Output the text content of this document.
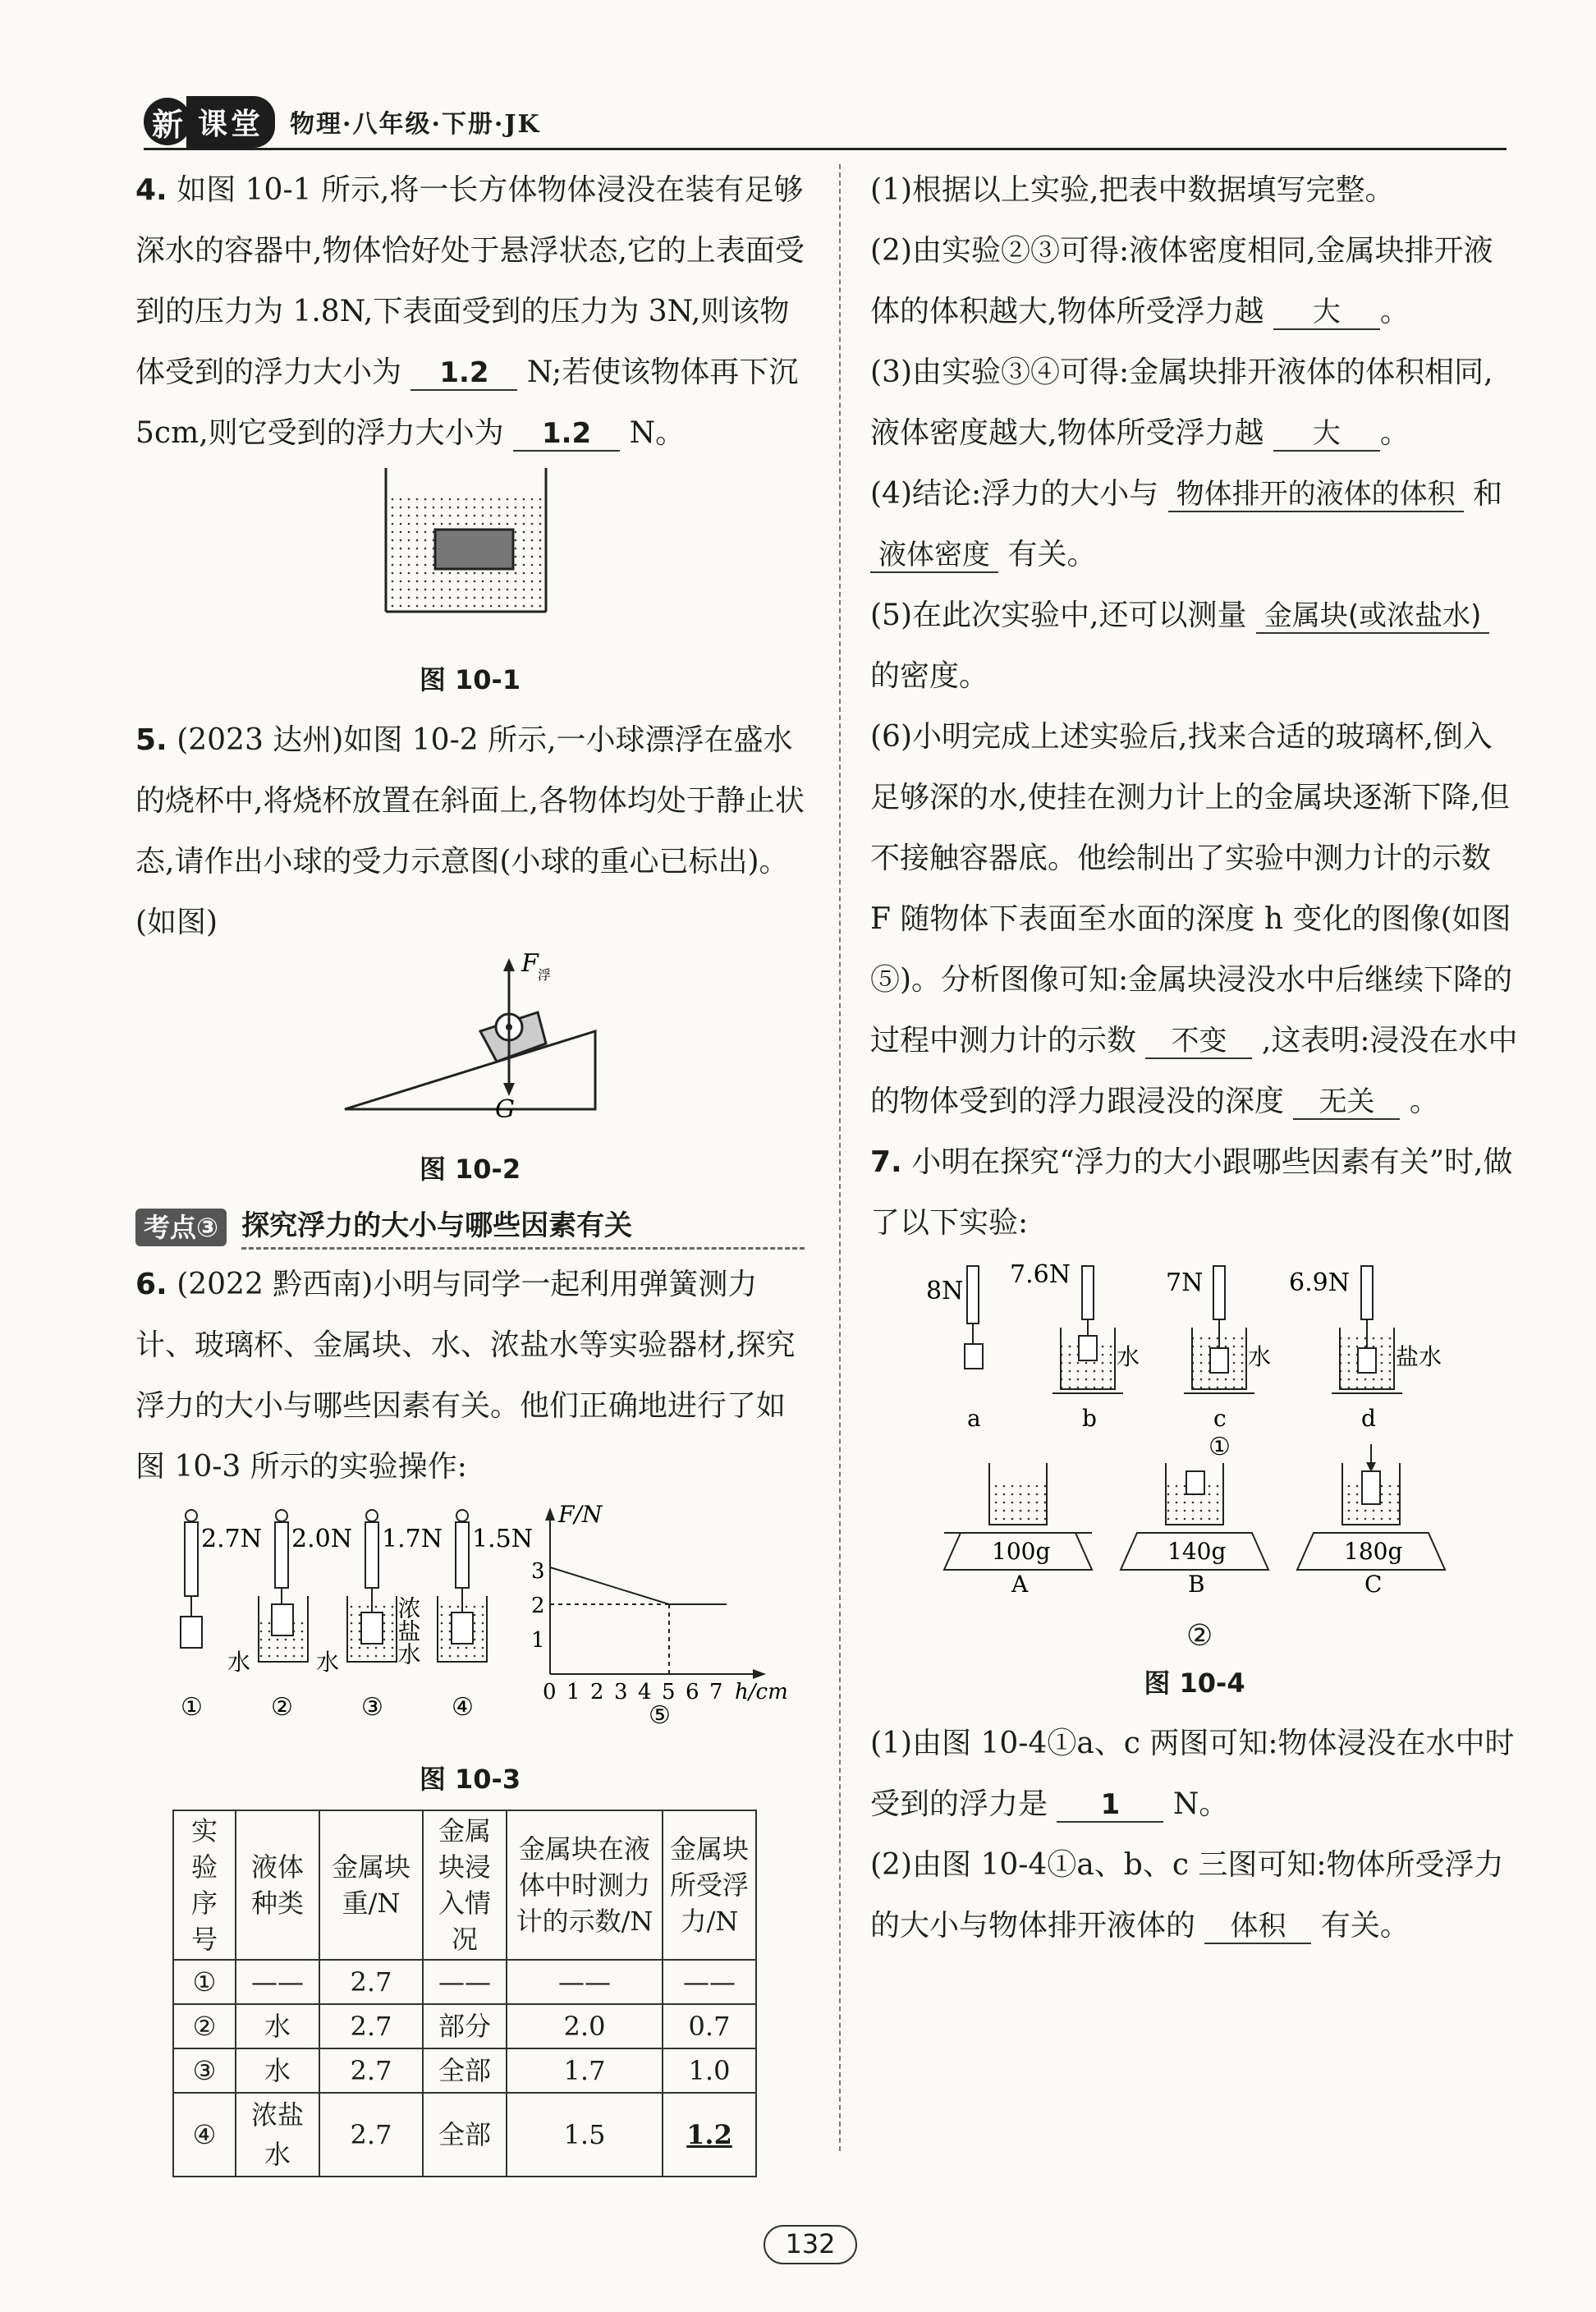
新 课堂	物理·八年级·下册·JK

4. 如图 10-1 所示,将一长方体物体浸没在装有足够深水的容器中,物体恰好处于悬浮状态,它的上表面受到的压力为 1.8N,下表面受到的压力为 3N,则该物体受到的浮力大小为 1.2 N;若使该物体再下沉 5cm,则它受到的浮力大小为 1.2 N。

图 10-1

5. (2023 达州)如图 10-2 所示,一小球漂浮在盛水的烧杯中,将烧杯放置在斜面上,各物体均处于静止状态,请作出小球的受力示意图(小球的重心已标出)。(如图)

F 浮
G

图 10-2

考点③ 探究浮力的大小与哪些因素有关

6. (2022 黔西南)小明与同学一起利用弹簧测力计、玻璃杯、金属块、水、浓盐水等实验器材,探究浮力的大小与哪些因素有关。他们正确地进行了如图 10-3 所示的实验操作:

2.7N 2.0N 1.7N 1.5N
水	水 浓盐水
①	②	③	④
F/N
h/cm
1
2
3
0 1 2 3 4 5 6 7
⑤

图 10-3

实验序号	液体种类	金属块重/N	金属块浸入情况	金属块在液体中时测力计的示数/N	金属块所受浮力/N
①	——	2.7	——	——	——
②	水	2.7	部分	2.0	0.7
③	水	2.7	全部	1.7	1.0
④	浓盐水	2.7	全部	1.5	1.2

(1)根据以上实验,把表中数据填写完整。

(2)由实验②③可得:液体密度相同,金属块排开液体的体积越大,物体所受浮力越 大 。

(3)由实验③④可得:金属块排开液体的体积相同,液体密度越大,物体所受浮力越 大 。

(4)结论:浮力的大小与 物体排开的液体的体积 和 液体密度 有关。

(5)在此次实验中,还可以测量 金属块(或浓盐水) 的密度。

(6)小明完成上述实验后,找来合适的玻璃杯,倒入足够深的水,使挂在测力计上的金属块逐渐下降,但不接触容器底。他绘制出了实验中测力计的示数 F 随物体下表面至水面的深度 h 变化的图像(如图⑤)。分析图像可知:金属块浸没水中后继续下降的过程中测力计的示数 不变 ,这表明:浸没在水中的物体受到的浮力跟浸没的深度 无关 。

7. 小明在探究“浮力的大小跟哪些因素有关”时,做了以下实验:

8N
7.6N	7N	6.9N
水	水	盐水
a	b	c	d
①
100g	140g	180g
A	B	C

②

图 10-4

(1)由图 10-4①a、c 两图可知:物体浸没在水中时受到的浮力是 1 N。

(2)由图 10-4①a、b、c 三图可知:物体所受浮力的大小与物体排开液体的 体积 有关。

132
